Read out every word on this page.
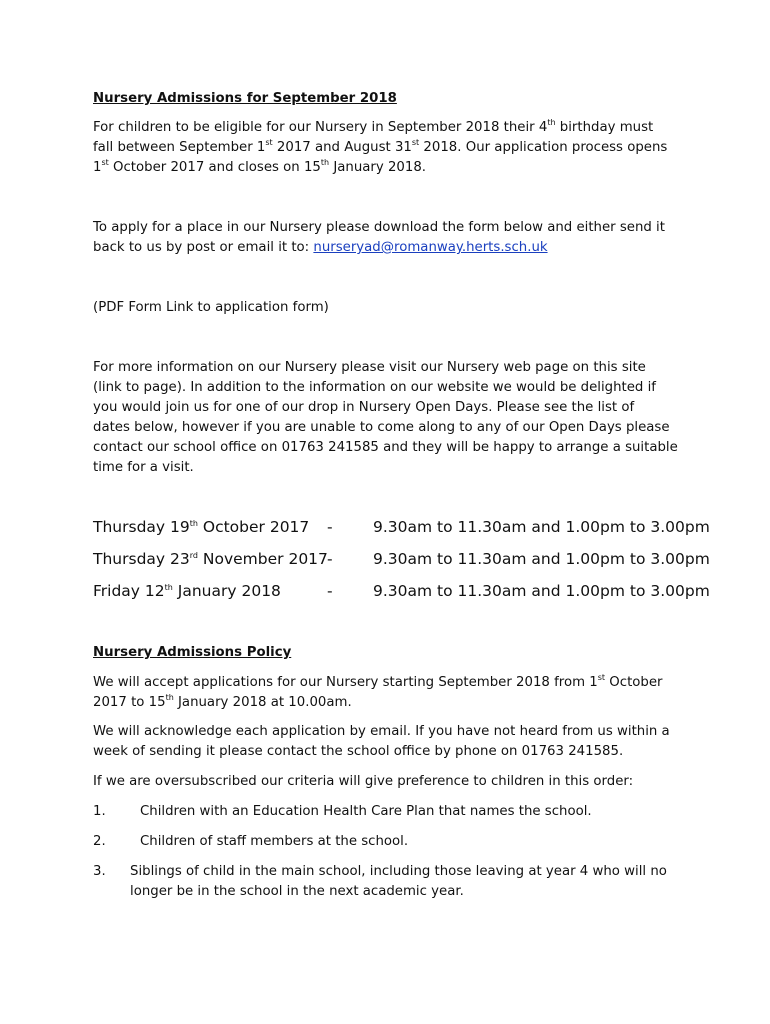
Nursery Admissions for September 2018
For children to be eligible for our Nursery in September 2018 their 4th birthday must
fall between September 1st 2017 and August 31st 2018. Our application process opens
1st October 2017 and closes on 15th January 2018.
To apply for a place in our Nursery please download the form below and either send it
back to us by post or email it to: nurseryad@romanway.herts.sch.uk
(PDF Form Link to application form)
For more information on our Nursery please visit our Nursery web page on this site
(link to page). In addition to the information on our website we would be delighted if
you would join us for one of our drop in Nursery Open Days. Please see the list of
dates below, however if you are unable to come along to any of our Open Days please
contact our school office on 01763 241585 and they will be happy to arrange a suitable
time for a visit.
Thursday 19th October 2017 -	9.30am to 11.30am and 1.00pm to 3.00pm
Thursday 23rd November 2017 -	9.30am to 11.30am and 1.00pm to 3.00pm
Friday 12th January 2018	-	9.30am to 11.30am and 1.00pm to 3.00pm
Nursery Admissions Policy
We will accept applications for our Nursery starting September 2018 from 1st October
2017 to 15th January 2018 at 10.00am.
We will acknowledge each application by email. If you have not heard from us within a
week of sending it please contact the school office by phone on 01763 241585.
If we are oversubscribed our criteria will give preference to children in this order:
1.	Children with an Education Health Care Plan that names the school.
2.	Children of staff members at the school.
3. Siblings of child in the main school, including those leaving at year 4 who will no
longer be in the school in the next academic year.
